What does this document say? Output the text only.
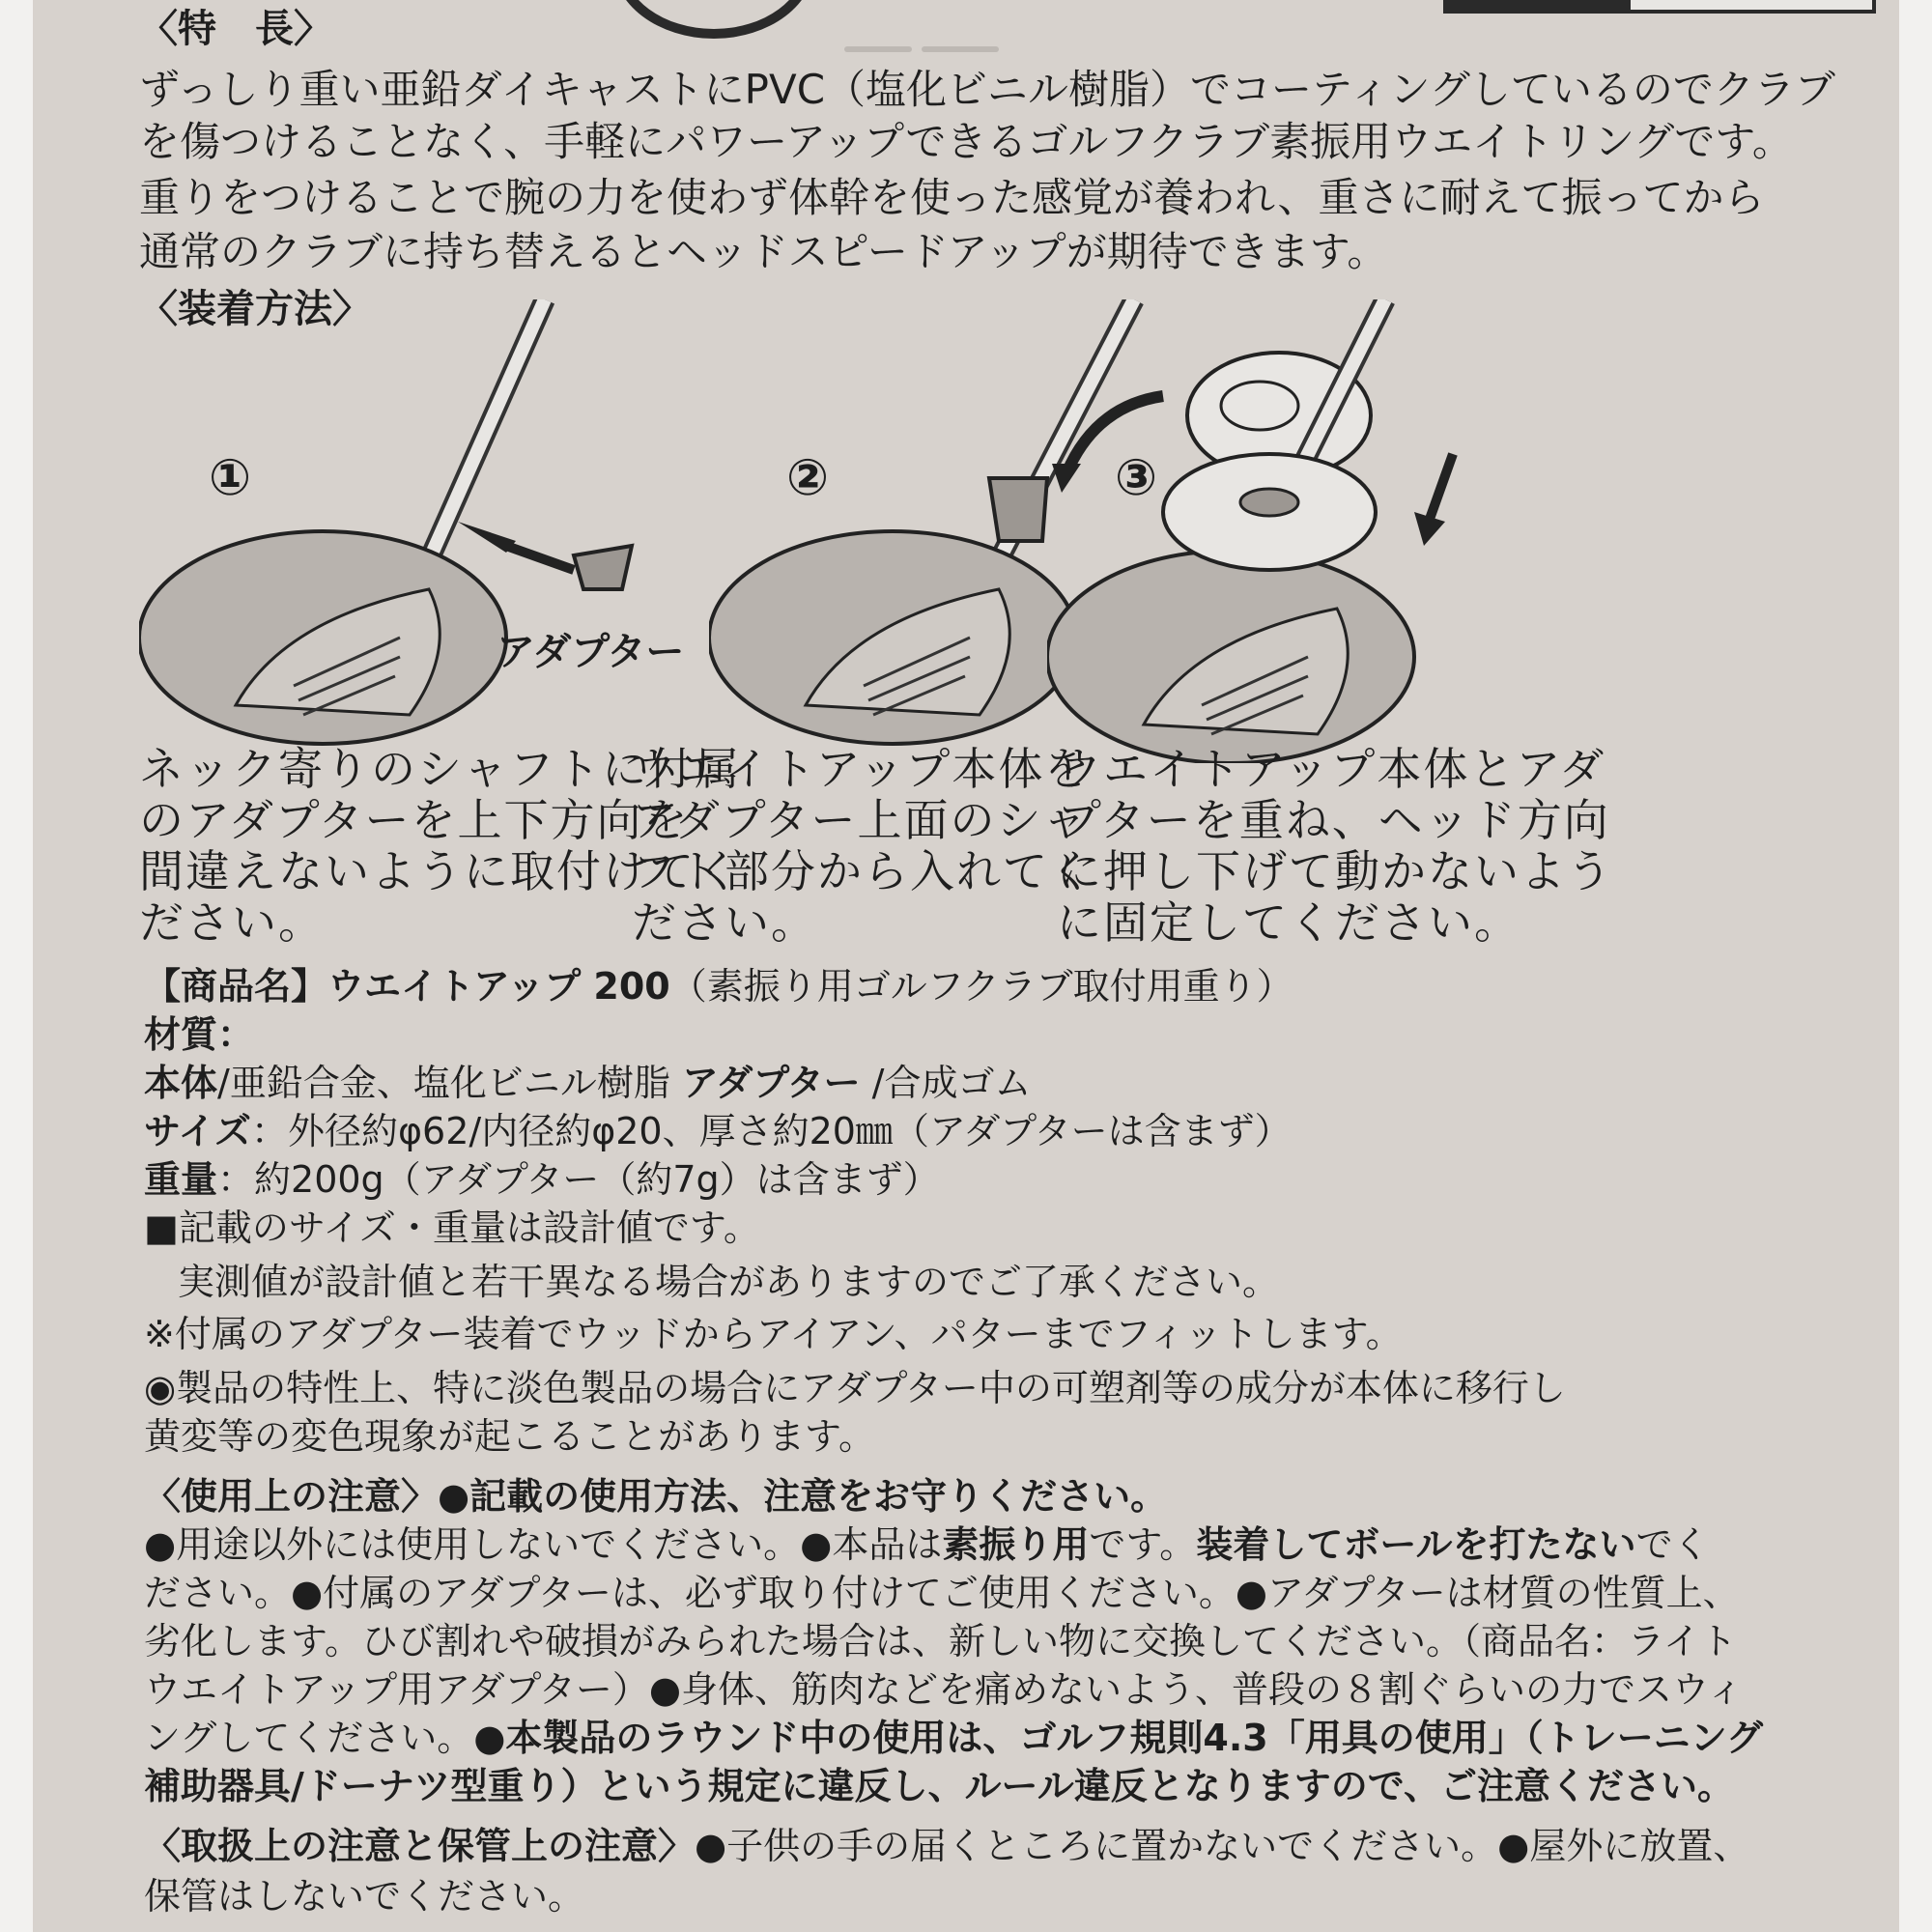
〈特　長〉
ずっしり重い亜鉛ダイキャストにPVC（塩化ビニル樹脂）でコーティングしているのでクラブ
を傷つけることなく、手軽にパワーアップできるゴルフクラブ素振用ウエイトリングです。
重りをつけることで腕の力を使わず体幹を使った感覚が養われ、重さに耐えて振ってから
通常のクラブに持ち替えるとヘッドスピードアップが期待できます。
〈装着方法〉
①
アダプター
ネック寄りのシャフトに付属
のアダプターを上下方向を
間違えないように取付けてく
ださい。
②
ウエイトアップ本体を
アダプター上面のシャ
フト部分から入れてく
ださい。
③
ウエイトアップ本体とアダ
プターを重ね、ヘッド方向
に押し下げて動かないよう
に固定してください。
【商品名】ウエイトアップ 200（素振り用ゴルフクラブ取付用重り）
材質：
本体/亜鉛合金、塩化ビニル樹脂 アダプター /合成ゴム
サイズ：外径約φ62/内径約φ20、厚さ約20㎜（アダプターは含まず）
重量：約200g（アダプター（約7g）は含まず）
■記載のサイズ・重量は設計値です。
実測値が設計値と若干異なる場合がありますのでご了承ください。
※付属のアダプター装着でウッドからアイアン、パターまでフィットします。
◉製品の特性上、特に淡色製品の場合にアダプター中の可塑剤等の成分が本体に移行し
黄変等の変色現象が起こることがあります。
〈使用上の注意〉●記載の使用方法、注意をお守りください。
●用途以外には使用しないでください。●本品は素振り用です。装着してボールを打たないでく
ださい。●付属のアダプターは、必ず取り付けてご使用ください。●アダプターは材質の性質上、
劣化します。ひび割れや破損がみられた場合は、新しい物に交換してください。（商品名：ライト
ウエイトアップ用アダプター）●身体、筋肉などを痛めないよう、普段の８割ぐらいの力でスウィ
ングしてください。●本製品のラウンド中の使用は、ゴルフ規則4.3「用具の使用」（トレーニング
補助器具/ドーナツ型重り）という規定に違反し、ルール違反となりますので、ご注意ください。
〈取扱上の注意と保管上の注意〉●子供の手の届くところに置かないでください。●屋外に放置、
保管はしないでください。
